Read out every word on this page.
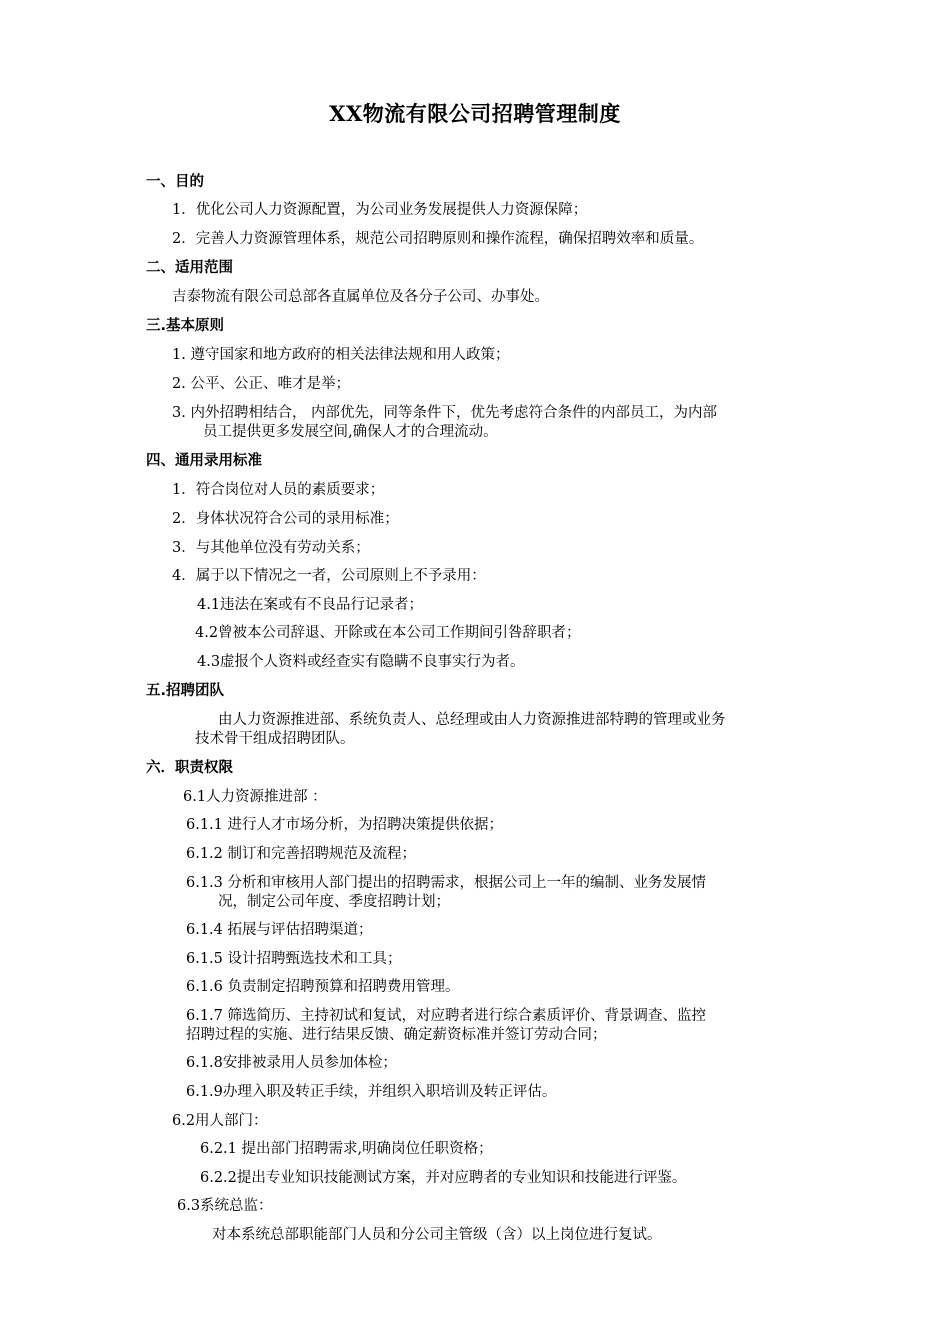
XX物流有限公司招聘管理制度
一、目的
1．优化公司人力资源配置，为公司业务发展提供人力资源保障；
2．完善人力资源管理体系，规范公司招聘原则和操作流程，确保招聘效率和质量。
二、适用范围
吉泰物流有限公司总部各直属单位及各分子公司、办事处。
三.基本原则
1. 遵守国家和地方政府的相关法律法规和用人政策；
2. 公平、公正、唯才是举；
3. 内外招聘相结合， 内部优先，同等条件下，优先考虑符合条件的内部员工，为内部
员工提供更多发展空间,确保人才的合理流动。
四、通用录用标准
1．符合岗位对人员的素质要求；
2．身体状况符合公司的录用标准；
3．与其他单位没有劳动关系；
4．属于以下情况之一者，公司原则上不予录用：
4.1违法在案或有不良品行记录者；
4.2曾被本公司辞退、开除或在本公司工作期间引咎辞职者；
4.3虚报个人资料或经查实有隐瞒不良事实行为者。
五.招聘团队
由人力资源推进部、系统负责人、总经理或由人力资源推进部特聘的管理或业务
技术骨干组成招聘团队。
六．职责权限
6.1人力资源推进部 ：
6.1.1 进行人才市场分析，为招聘决策提供依据；
6.1.2 制订和完善招聘规范及流程；
6.1.3 分析和审核用人部门提出的招聘需求，根据公司上一年的编制、业务发展情
况，制定公司年度、季度招聘计划；
6.1.4 拓展与评估招聘渠道；
6.1.5 设计招聘甄选技术和工具；
6.1.6 负责制定招聘预算和招聘费用管理。
6.1.7 筛选简历、主持初试和复试，对应聘者进行综合素质评价、背景调查、监控
招聘过程的实施、进行结果反馈、确定薪资标准并签订劳动合同；
6.1.8安排被录用人员参加体检；
6.1.9办理入职及转正手续，并组织入职培训及转正评估。
6.2用人部门：
6.2.1 提出部门招聘需求,明确岗位任职资格；
6.2.2提出专业知识技能测试方案，并对应聘者的专业知识和技能进行评鉴。
6.3系统总监：
对本系统总部职能部门人员和分公司主管级（含）以上岗位进行复试。
